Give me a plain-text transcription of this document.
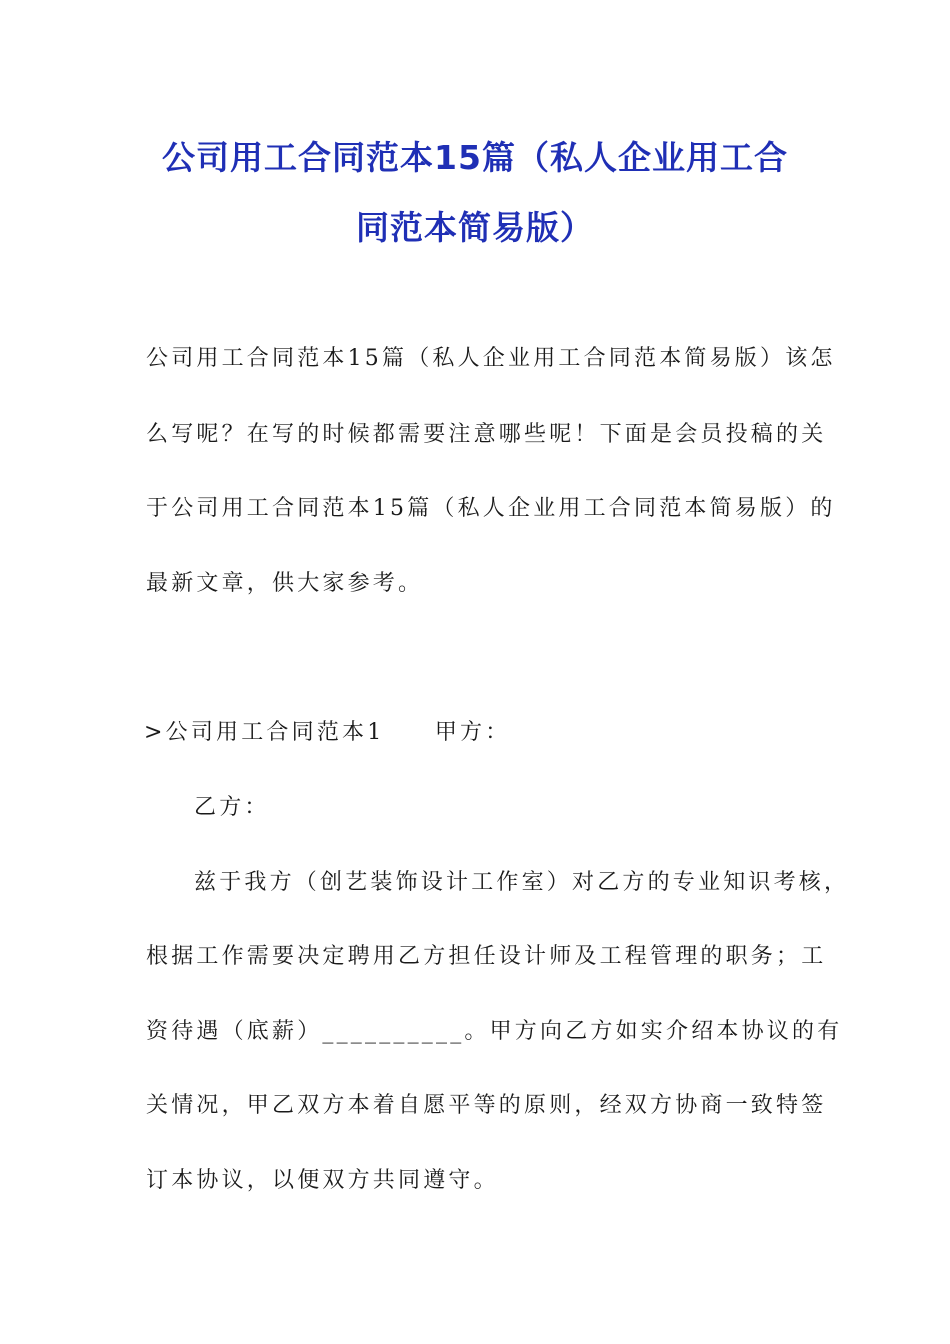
公司用工合同范本15篇（私人企业用工合
同范本简易版）
公司用工合同范本15篇（私人企业用工合同范本简易版）该怎
么写呢？在写的时候都需要注意哪些呢！下面是会员投稿的关
于公司用工合同范本15篇（私人企业用工合同范本简易版）的
最新文章，供大家参考。
>公司用工合同范本1　　甲方：
乙方：
兹于我方（创艺装饰设计工作室）对乙方的专业知识考核，
根据工作需要决定聘用乙方担任设计师及工程管理的职务；工
资待遇（底薪）__________。甲方向乙方如实介绍本协议的有
关情况，甲乙双方本着自愿平等的原则，经双方协商一致特签
订本协议，以便双方共同遵守。
